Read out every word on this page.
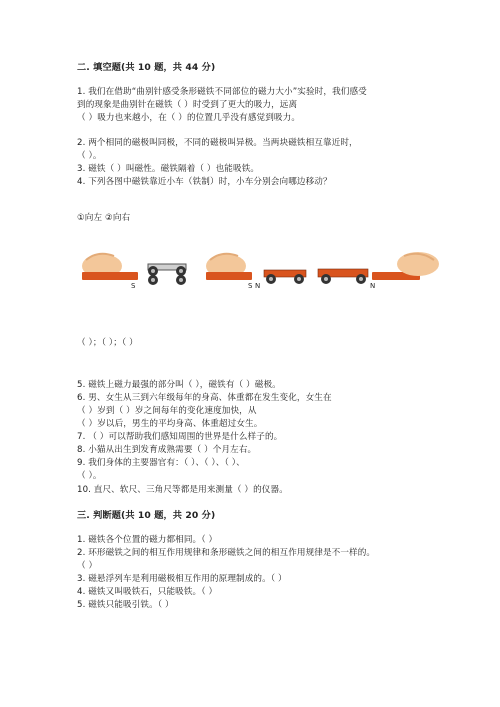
二. 填空题(共 10 题，共 44 分)
1. 我们在借助“曲别针感受条形磁铁不同部位的磁力大小”实验时，我们感受
到的现象是曲别针在磁铁（ ）时受到了更大的吸力，远离
（ ）吸力也来越小，在（ ）的位置几乎没有感觉到吸力。
2. 两个相同的磁极叫同极，不同的磁极叫异极。当两块磁铁相互靠近时，
（ ）。
3. 磁铁（ ）叫磁性。磁铁隔着（ ）也能吸铁。
4. 下列各图中磁铁靠近小车（铁制）时，小车分别会向哪边移动？
①向左 ②向右
S	S N	N
（ ）；（ ）；（ ）
5. 磁铁上磁力最强的部分叫（ ），磁铁有（ ）磁极。
6. 男、女生从三到六年级每年的身高、体重都在发生变化，女生在
（ ）岁到（ ）岁之间每年的变化速度加快，从
（ ）岁以后，男生的平均身高、体重超过女生。
7. （ ）可以帮助我们感知周围的世界是什么样子的。
8. 小猫从出生到发育成熟需要（ ）个月左右。
9. 我们身体的主要器官有：（ ）、（ ）、（ ）、
（ ）。
10. 直尺、软尺、三角尺等都是用来测量（ ）的仪器。
三. 判断题(共 10 题，共 20 分)
1. 磁铁各个位置的磁力都相同。（ ）
2. 环形磁铁之间的相互作用规律和条形磁铁之间的相互作用规律是不一样的。
（ ）
3. 磁悬浮列车是利用磁极相互作用的原理制成的。（ ）
4. 磁铁又叫吸铁石，只能吸铁。（ ）
5. 磁铁只能吸引铁。（ ）
